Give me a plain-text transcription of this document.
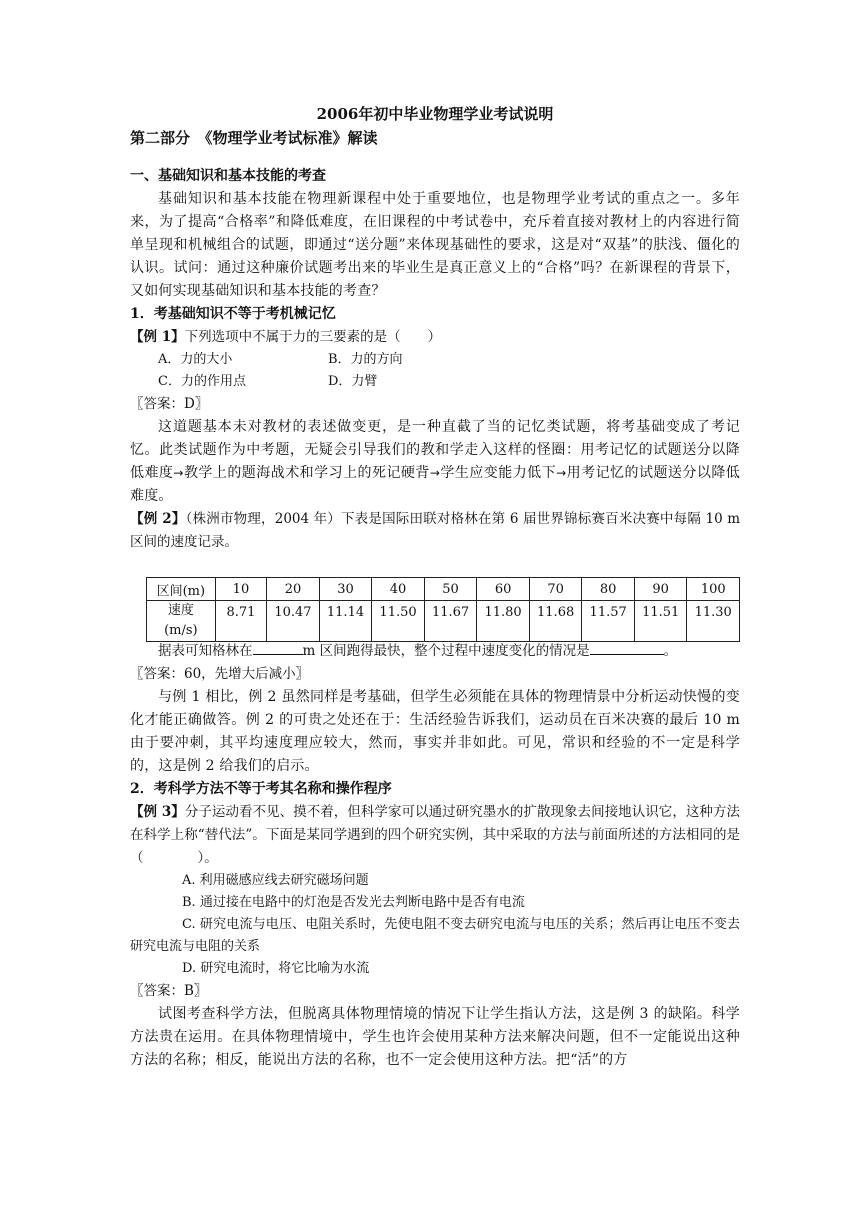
2006年初中毕业物理学业考试说明
第二部分　《物理学业考试标准》解读
一、基础知识和基本技能的考查
基础知识和基本技能在物理新课程中处于重要地位，也是物理学业考试的重点之一。多年来，为了提高“合格率”和降低难度，在旧课程的中考试卷中，充斥着直接对教材上的内容进行简单呈现和机械组合的试题，即通过“送分题”来体现基础性的要求，这是对“双基”的肤浅、僵化的认识。试问：通过这种廉价试题考出来的毕业生是真正意义上的“合格”吗？在新课程的背景下，又如何实现基础知识和基本技能的考查？
1．考基础知识不等于考机械记忆
【例 1】下列选项中不属于力的三要素的是（　　）
A．力的大小	B．力的方向
C．力的作用点	D．力臂
〖答案：D〗
这道题基本未对教材的表述做变更，是一种直截了当的记忆类试题，将考基础变成了考记忆。此类试题作为中考题，无疑会引导我们的教和学走入这样的怪圈：用考记忆的试题送分以降低难度→教学上的题海战术和学习上的死记硬背→学生应变能力低下→用考记忆的试题送分以降低难度。
【例 2】（株洲市物理，2004 年）下表是国际田联对格林在第 6 届世界锦标赛百米决赛中每隔 10 m 区间的速度记录。
据表可知格林在	m 区间跑得最快，整个过程中速度变化的情况是	。
〖答案：60，先增大后减小〗
与例 1 相比，例 2 虽然同样是考基础，但学生必须能在具体的物理情景中分析运动快慢的变化才能正确做答。例 2 的可贵之处还在于：生活经验告诉我们，运动员在百米决赛的最后 10 m 由于要冲刺，其平均速度理应较大，然而，事实并非如此。可见，常识和经验的不一定是科学的，这是例 2 给我们的启示。
2．考科学方法不等于考其名称和操作程序
【例 3】分子运动看不见、摸不着，但科学家可以通过研究墨水的扩散现象去间接地认识它，这种方法在科学上称“替代法”。下面是某同学遇到的四个研究实例，其中采取的方法与前面所述的方法相同的是（　　　　）。
A. 利用磁感应线去研究磁场问题
B. 通过接在电路中的灯泡是否发光去判断电路中是否有电流
C. 研究电流与电压、电阻关系时，先使电阻不变去研究电流与电压的关系；然后再让电压不变去研究电流与电阻的关系
D. 研究电流时，将它比喻为水流
〖答案：B〗
试图考查科学方法，但脱离具体物理情境的情况下让学生指认方法，这是例 3 的缺陷。科学方法贵在运用。在具体物理情境中，学生也许会使用某种方法来解决问题，但不一定能说出这种方法的名称；相反，能说出方法的名称，也不一定会使用这种方法。把“活”的方
区间(m)	10	20	30	40	50	60	70	80	90	100
速度
(m/s)	8.71	10.47	11.14	11.50	11.67	11.80	11.68	11.57	11.51	11.30
